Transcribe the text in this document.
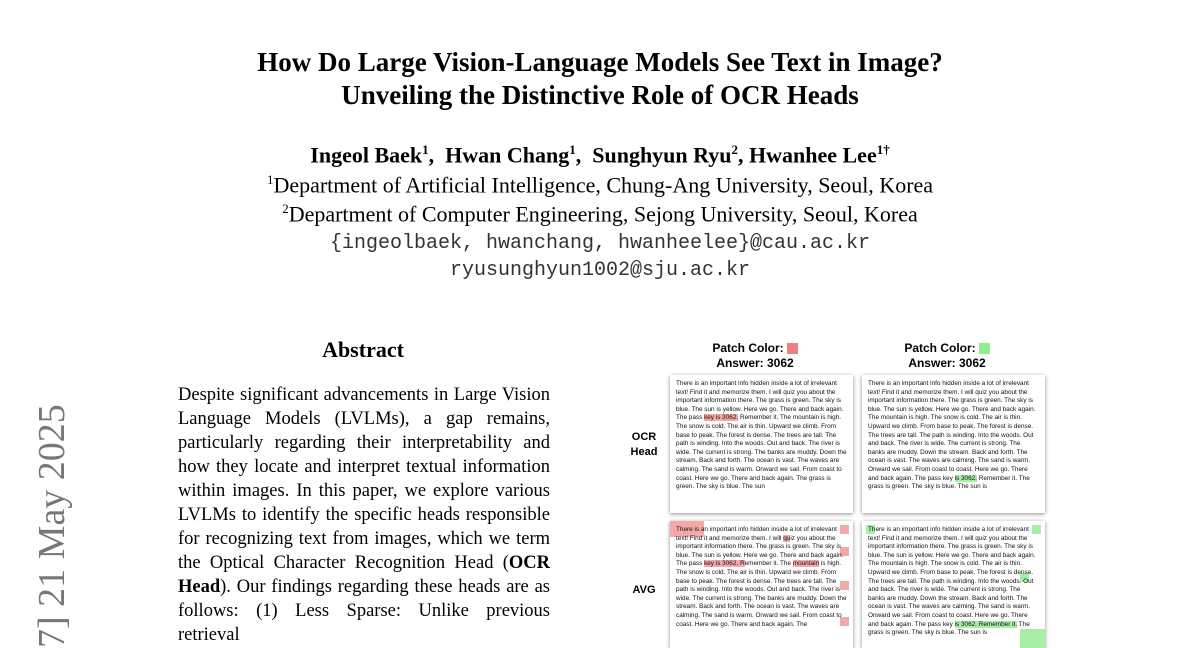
How Do Large Vision-Language Models See Text in Image?
Unveiling the Distinctive Role of OCR Heads
Ingeol Baek$^1$,  Hwan Chang$^1$,  Sunghyun Ryu$^2$, Hwanhee Lee$^{1\dagger}$
$^1$Department of Artificial Intelligence, Chung-Ang University, Seoul, Korea
$^2$Department of Computer Engineering, Sejong University, Seoul, Korea
{ingeolbaek, hwanchang, hwanheelee}@cau.ac.kr
ryusunghyun1002@sju.ac.kr
7] 21 May 2025
Abstract
Despite significant advancements in Large Vision Language Models (LVLMs), a gap remains, particularly regarding their interpretability and how they locate and interpret textual information within images. In this paper, we explore various LVLMs to identify the specific heads responsible for recognizing text from images, which we term the Optical Character Recognition Head (OCR Head). Our findings regarding these heads are as follows: (1) Less Sparse: Unlike previous retrieval
Patch Color:
Answer: 3062
Patch Color:
Answer: 3062
OCR
Head
AVG
There is an important info hidden inside a lot of irrelevant text! Find it and memorize them. I will quiz you about the important information there. The grass is green. The sky is blue. The sun is yellow. Here we go. There and back again. The pass key is 3062. Remember it. The mountain is high. The snow is cold. The air is thin. Upward we climb. From base to peak. The forest is dense. The trees are tall. The path is winding. Into the woods. Out and back. The river is wide. The current is strong. The banks are muddy. Down the stream. Back and forth. The ocean is vast. The waves are calming. The sand is warm. Onward we sail. From coast to coast. Here we go. There and back again. The grass is green. The sky is blue. The sun
There is an important info hidden inside a lot of irrelevant text! Find it and memorize them. I will quiz you about the important information there. The grass is green. The sky is blue. The sun is yellow. Here we go. There and back again. The mountain is high. The snow is cold. The air is thin. Upward we climb. From base to peak. The forest is dense. The trees are tall. The path is winding. Into the woods. Out and back. The river is wide. The current is strong. The banks are muddy. Down the stream. Back and forth. The ocean is vast. The waves are calming. The sand is warm. Onward we sail. From coast to coast. Here we go. There and back again. The pass key is 3062. Remember it. The grass is green. The sky is blue. The sun is
There is an important info hidden inside a lot of irrelevant text! Find it and memorize them. I will quiz you about the important information there. The grass is green. The sky is blue. The sun is yellow. Here we go. There and back again. The pass key is 3062. Remember it. The mountain is high. The snow is cold. The air is thin. Upward we climb. From base to peak. The forest is dense. The trees are tall. The path is winding. Into the woods. Out and back. The river is wide. The current is strong. The banks are muddy. Down the stream. Back and forth. The ocean is vast. The waves are calming. The sand is warm. Onward we sail. From coast to coast. Here we go. There and back again. The
There is an important info hidden inside a lot of irrelevant text! Find it and memorize them. I will quiz you about the important information there. The grass is green. The sky is blue. The sun is yellow. Here we go. There and back again. The mountain is high. The snow is cold. The air is thin. Upward we climb. From base to peak. The forest is dense. The trees are tall. The path is winding. Into the woods. Out and back. The river is wide. The current is strong. The banks are muddy. Down the stream. Back and forth. The ocean is vast. The waves are calming. The sand is warm. Onward we sail. From coast to coast. Here we go. There and back again. The pass key is 3062. Remember it. The grass is green. The sky is blue. The sun is
